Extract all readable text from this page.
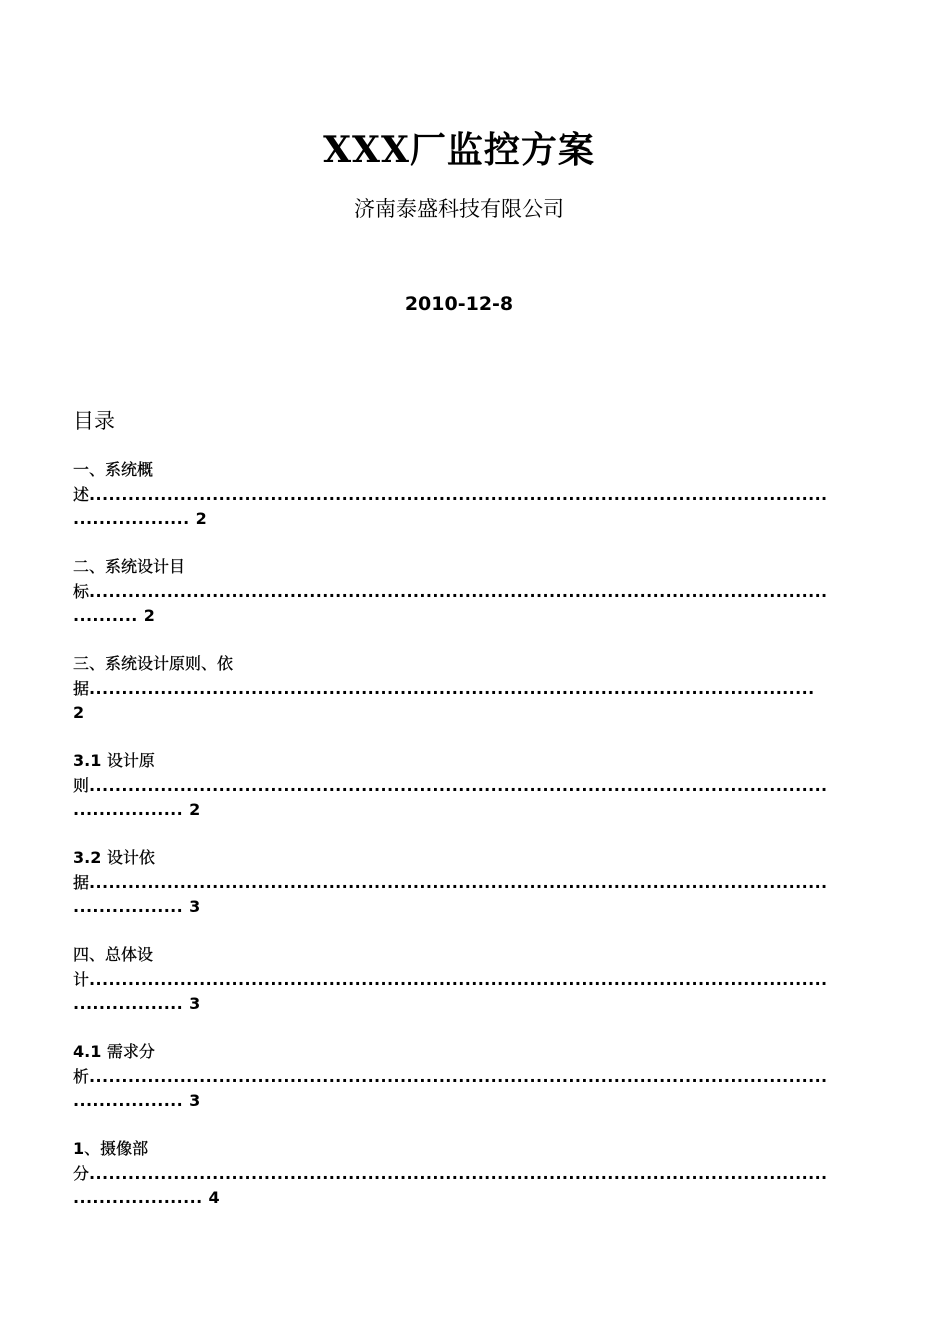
XXX厂监控方案
济南泰盛科技有限公司
2010-12-8
目录
一、系统概
述..................................................................................................................
.................. 2
二、系统设计目
标..................................................................................................................
.......... 2
三、系统设计原则、依
据................................................................................................................
2
3.1 设计原
则..................................................................................................................
................. 2
3.2 设计依
据..................................................................................................................
................. 3
四、总体设
计..................................................................................................................
................. 3
4.1 需求分
析..................................................................................................................
................. 3
1、摄像部
分..................................................................................................................
.................... 4
